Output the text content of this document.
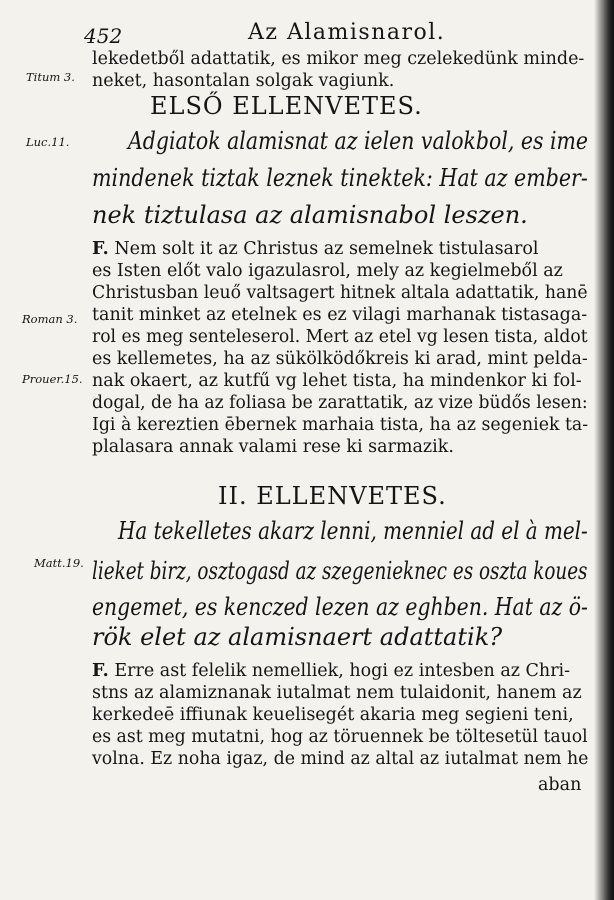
452	Az Alamisnarol.
Titum 3.
lekedetből adattatik, es mikor meg czelekedünk minde-
neket, hasontalan solgak vagiunk.
ELSŐ ELLENVETES.
Luc.11. Adgiatok alamisnat az ielen valokbol, es ime
mindenek tiztak leznek tinektek: Hat az ember-
nek tiztulasa az alamisnabol leszen.
F. Nem solt it az Christus az semelnek tistulasarol
es Isten előt valo igazulasrol, mely az kegielmeből az
Christusban leuő valtsagert hitnek altala adattatik, hanē
Roman 3. tanit minket az etelnek es ez vilagi marhanak tistasaga-
rol es meg senteleserol. Mert az etel vg lesen tista, aldot
es kellemetes, ha az sükölködőkreis ki arad, mint pelda-
Prouer.15. nak okaert, az kutfű vg lehet tista, ha mindenkor ki fol-
dogal, de ha az foliasa be zarattatik, az vize büdős lesen:
Igi à kereztien ēbernek marhaia tista, ha az segeniek ta-
plalasara annak valami rese ki sarmazik.
II. ELLENVETES.
Ha tekelletes akarz lenni, menniel ad el à mel-
Matt.19. lieket birz, osztogasd az szegenieknec es oszta koues
engemet, es kenczed lezen az eghben. Hat az ö-
rök elet az alamisnaert adattatik?
F. Erre ast felelik nemelliek, hogi ez intesben az Chri-
stns az alamiznanak iutalmat nem tulaidonit, hanem az
kerkedeē iffiunak keuelisegét akaria meg segieni teni,
es ast meg mutatni, hog az töruennek be töltesetül tauol
volna. Ez noha igaz, de mind az altal az iutalmat nem he
aban
